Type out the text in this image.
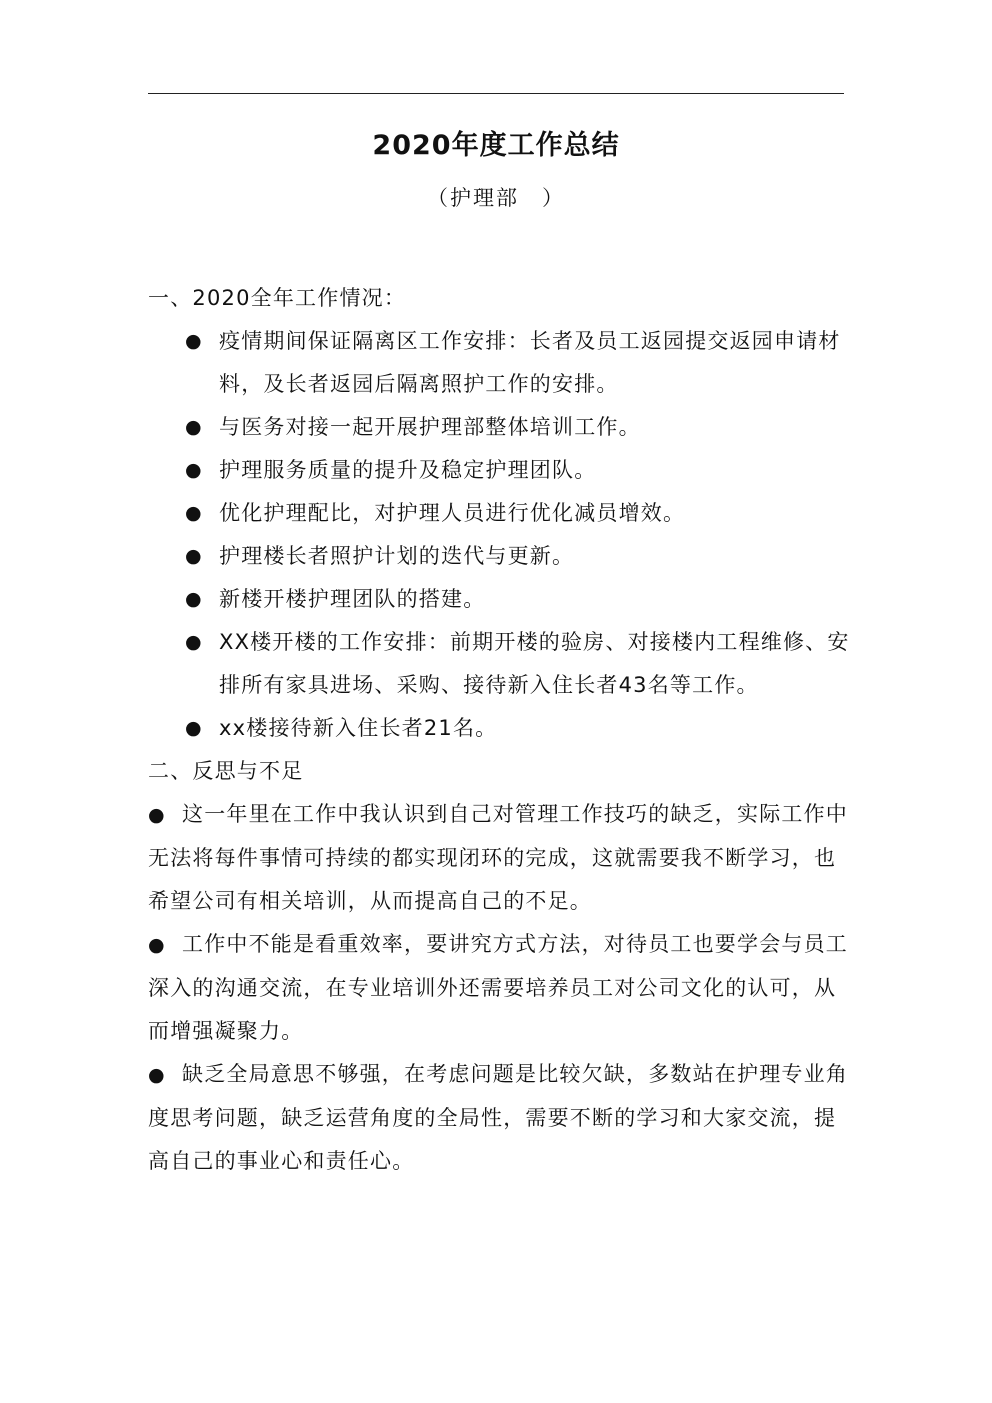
2020年度工作总结
（护理部　）

一、2020全年工作情况：

● 疫情期间保证隔离区工作安排：长者及员工返园提交返园申请材料，及长者返园后隔离照护工作的安排。
● 与医务对接一起开展护理部整体培训工作。
● 护理服务质量的提升及稳定护理团队。
● 优化护理配比，对护理人员进行优化减员增效。
● 护理楼长者照护计划的迭代与更新。
● 新楼开楼护理团队的搭建。
● XX楼开楼的工作安排：前期开楼的验房、对接楼内工程维修、安排所有家具进场、采购、接待新入住长者43名等工作。
● xx楼接待新入住长者21名。

二、反思与不足

● 这一年里在工作中我认识到自己对管理工作技巧的缺乏，实际工作中无法将每件事情可持续的都实现闭环的完成，这就需要我不断学习，也希望公司有相关培训，从而提高自己的不足。

● 工作中不能是看重效率，要讲究方式方法，对待员工也要学会与员工深入的沟通交流，在专业培训外还需要培养员工对公司文化的认可，从而增强凝聚力。

● 缺乏全局意思不够强，在考虑问题是比较欠缺，多数站在护理专业角度思考问题，缺乏运营角度的全局性，需要不断的学习和大家交流，提高自己的事业心和责任心。
